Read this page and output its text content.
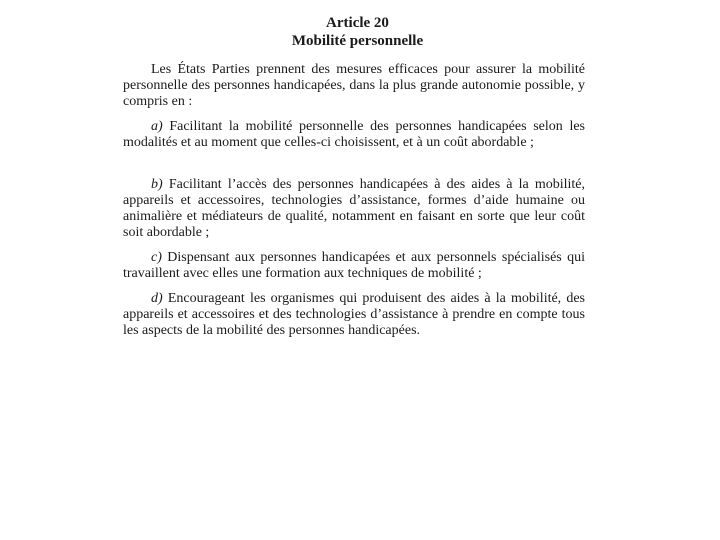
Article 20
Mobilité personnelle

Les États Parties prennent des mesures efficaces pour assurer la mobilité personnelle des personnes handicapées, dans la plus grande autonomie possible, y compris en :

a) Facilitant la mobilité personnelle des personnes handicapées selon les modalités et au moment que celles-ci choisissent, et à un coût abordable ;

b) Facilitant l’accès des personnes handicapées à des aides à la mobilité, appareils et accessoires, technologies d’assistance, formes d’aide humaine ou animalière et médiateurs de qualité, notamment en faisant en sorte que leur coût soit abordable ;

c) Dispensant aux personnes handicapées et aux personnels spécialisés qui travaillent avec elles une formation aux techniques de mobilité ;

d) Encourageant les organismes qui produisent des aides à la mobilité, des appareils et accessoires et des technologies d’assistance à prendre en compte tous les aspects de la mobilité des personnes handicapées.
